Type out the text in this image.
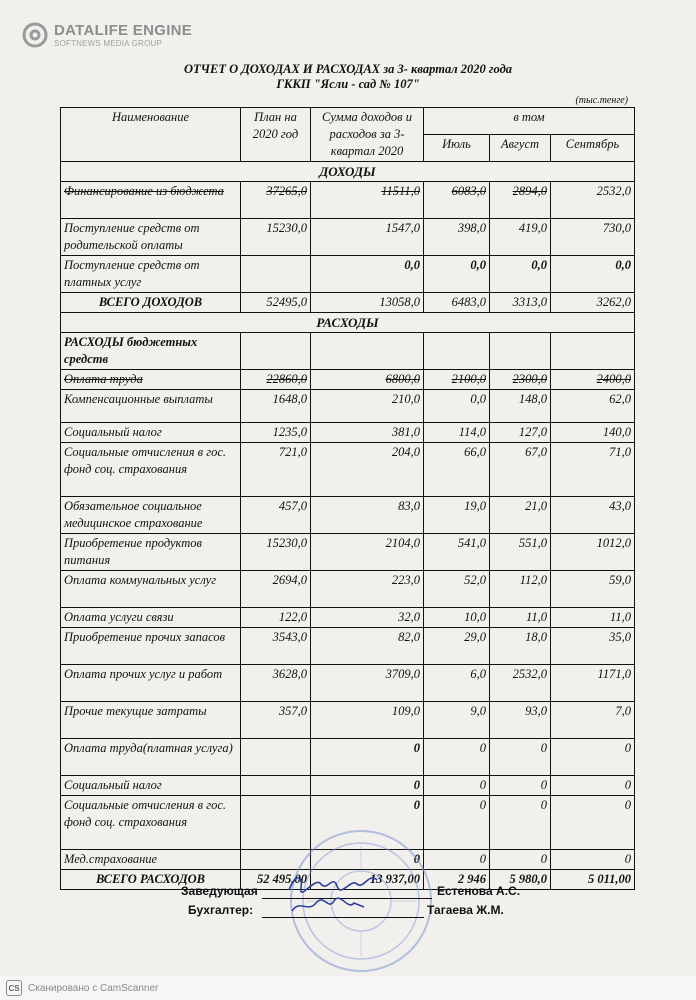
DATALIFE ENGINE
SOFTNEWS MEDIA GROUP
ОТЧЕТ О ДОХОДАХ И РАСХОДАХ за 3- квартал 2020 года
ГККП "Ясли - сад № 107"
(тыс.тенге)
Наименование	План на 2020 год	Сумма доходов и расходов за 3-квартал 2020	в том		
			Июль	Август	Сентябрь
ДОХОДЫ					
Финансирование из бюджета	37265,0	11511,0	6083,0	2894,0	2532,0
Поступление средств от родительской оплаты	15230,0	1547,0	398,0	419,0	730,0
Поступление средств от платных услуг		0,0	0,0	0,0	0,0
ВСЕГО ДОХОДОВ	52495,0	13058,0	6483,0	3313,0	3262,0
РАСХОДЫ					
РАСХОДЫ бюджетных средств					
Оплата труда	22860,0	6800,0	2100,0	2300,0	2400,0
Компенсационные выплаты	1648,0	210,0	0,0	148,0	62,0
Социальный налог	1235,0	381,0	114,0	127,0	140,0
Социальные отчисления в гос. фонд соц. страхования	721,0	204,0	66,0	67,0	71,0
Обязательное социальное медицинское страхование	457,0	83,0	19,0	21,0	43,0
Приобретение продуктов питания	15230,0	2104,0	541,0	551,0	1012,0
Оплата коммунальных услуг	2694,0	223,0	52,0	112,0	59,0
Оплата услуги связи	122,0	32,0	10,0	11,0	11,0
Приобретение прочих запасов	3543,0	82,0	29,0	18,0	35,0
Оплата прочих услуг и работ	3628,0	3709,0	6,0	2532,0	1171,0
Прочие текущие затраты	357,0	109,0	9,0	93,0	7,0
Оплата труда(платная услуга)		0	0	0	0
Социальный налог		0	0	0	0
Социальные отчисления в гос. фонд соц. страхования		0	0	0	0
Мед.страхование		0	0	0	0
ВСЕГО РАСХОДОВ	52 495,00	13 937,00	2 946	5 980,0	5 011,00
Заведующая	Естенова А.С.
Бухгалтер:	Тагаева Ж.М.
CS Сканировано с CamScanner
